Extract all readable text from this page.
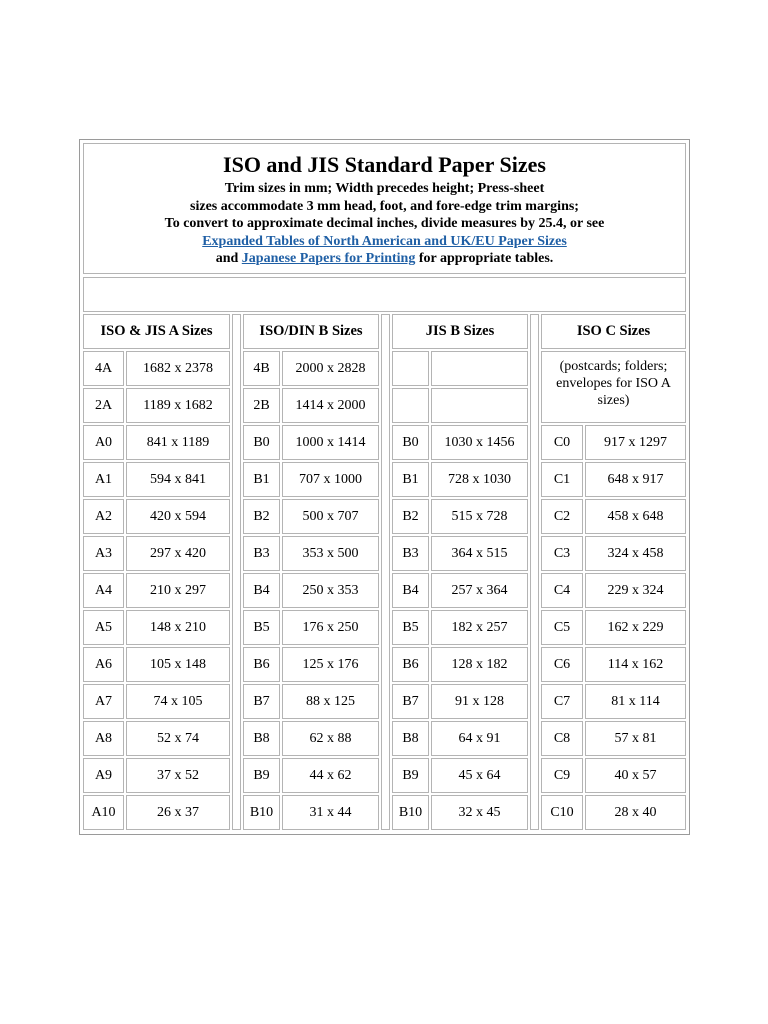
ISO and JIS Standard Paper Sizes
Trim sizes in mm; Width precedes height; Press-sheet
sizes accommodate 3 mm head, foot, and fore-edge trim margins;
To convert to approximate decimal inches, divide measures by 25.4, or see
Expanded Tables of North American and UK/EU Paper Sizes
and Japanese Papers for Printing for appropriate tables.
ISO & JIS A Sizes	ISO/DIN B Sizes	JIS B Sizes	ISO C Sizes
4A	1682 x 2378	4B	2000 x 2828
2A	1189 x 1682	2B	1414 x 2000
A0	841 x 1189	B0	1000 x 1414	B0	1030 x 1456	C0	917 x 1297
A1	594 x 841	B1	707 x 1000	B1	728 x 1030	C1	648 x 917
A2	420 x 594	B2	500 x 707	B2	515 x 728	C2	458 x 648
A3	297 x 420	B3	353 x 500	B3	364 x 515	C3	324 x 458
A4	210 x 297	B4	250 x 353	B4	257 x 364	C4	229 x 324
A5	148 x 210	B5	176 x 250	B5	182 x 257	C5	162 x 229
A6	105 x 148	B6	125 x 176	B6	128 x 182	C6	114 x 162
A7	74 x 105	B7	88 x 125	B7	91 x 128	C7	81 x 114
A8	52 x 74	B8	62 x 88	B8	64 x 91	C8	57 x 81
A9	37 x 52	B9	44 x 62	B9	45 x 64	C9	40 x 57
A10	26 x 37	B10	31 x 44	B10	32 x 45	C10	28 x 40
(postcards; folders; envelopes for ISO A sizes)
